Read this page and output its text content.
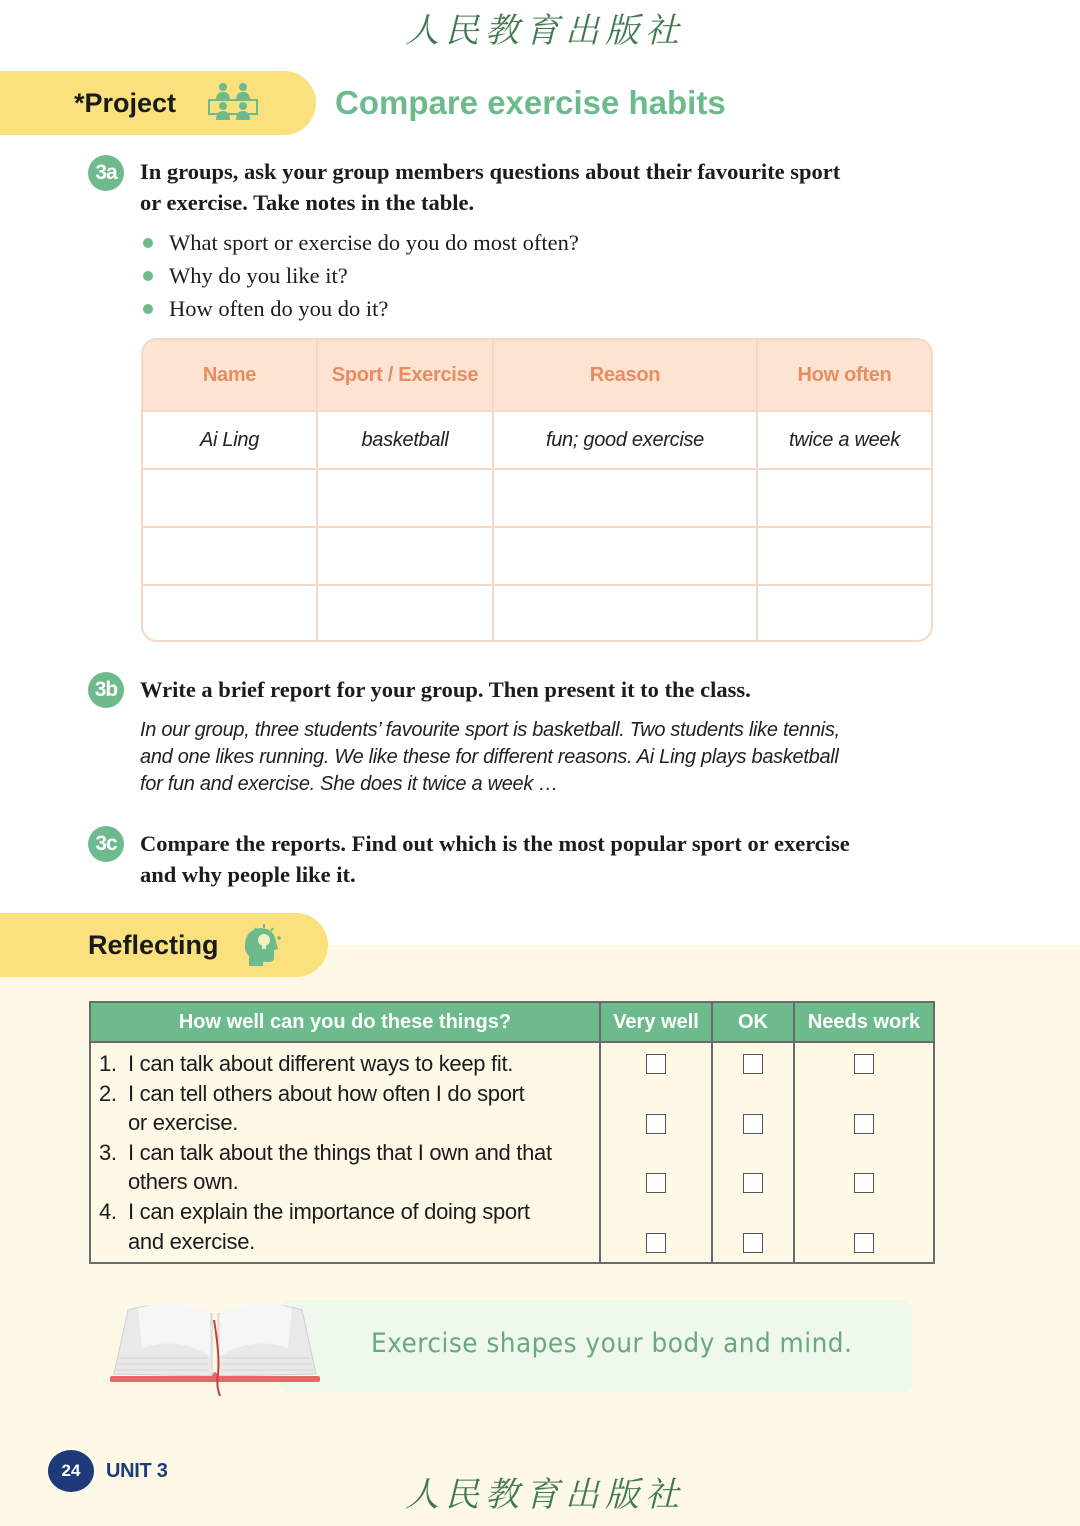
人民教育出版社
*Project	Compare exercise habits
3a	In groups, ask your group members questions about their favourite sport
or exercise. Take notes in the table.
What sport or exercise do you do most often?
Why do you like it?
How often do you do it?
Name	Sport / Exercise	Reason	How often
Ai Ling	basketball	fun; good exercise	twice a week
3b	Write a brief report for your group. Then present it to the class.
In our group, three students’ favourite sport is basketball. Two students like tennis,
and one likes running. We like these for different reasons. Ai Ling plays basketball
for fun and exercise. She does it twice a week …
3c	Compare the reports. Find out which is the most popular sport or exercise
and why people like it.
Reflecting
How well can you do these things?	Very well	OK	Needs work
1. I can talk about different ways to keep fit.
2. I can tell others about how often I do sport
or exercise.
3. I can talk about the things that I own and that
others own.
4. I can explain the importance of doing sport
and exercise.
Exercise shapes your body and mind.
24	UNIT 3
人民教育出版社
